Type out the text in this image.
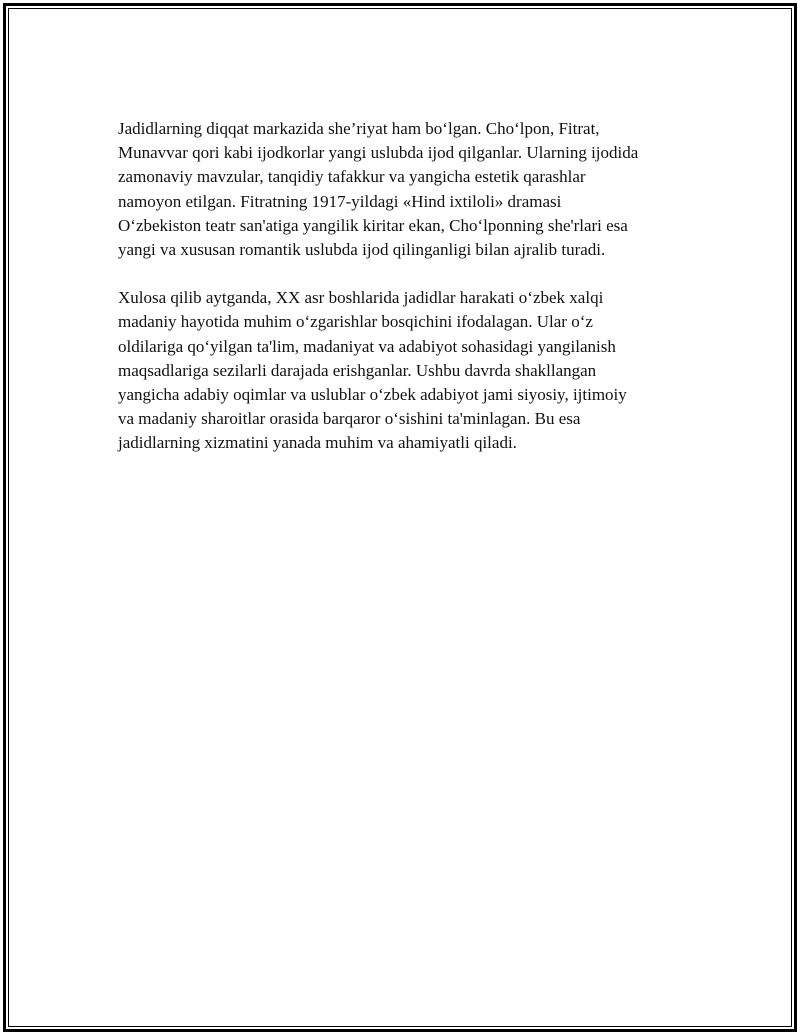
Jadidlarning diqqat markazida she’riyat ham bo‘lgan. Cho‘lpon, Fitrat,
Munavvar qori kabi ijodkorlar yangi uslubda ijod qilganlar. Ularning ijodida
zamonaviy mavzular, tanqidiy tafakkur va yangicha estetik qarashlar
namoyon etilgan. Fitratning 1917-yildagi «Hind ixtiloli» dramasi
O‘zbekiston teatr san'atiga yangilik kiritar ekan, Cho‘lponning she'rlari esa
yangi va xususan romantik uslubda ijod qilinganligi bilan ajralib turadi.

Xulosa qilib aytganda, XX asr boshlarida jadidlar harakati o‘zbek xalqi
madaniy hayotida muhim o‘zgarishlar bosqichini ifodalagan. Ular o‘z
oldilariga qo‘yilgan ta'lim, madaniyat va adabiyot sohasidagi yangilanish
maqsadlariga sezilarli darajada erishganlar. Ushbu davrda shakllangan
yangicha adabiy oqimlar va uslublar o‘zbek adabiyot jami siyosiy, ijtimoiy
va madaniy sharoitlar orasida barqaror o‘sishini ta'minlagan. Bu esa
jadidlarning xizmatini yanada muhim va ahamiyatli qiladi.
